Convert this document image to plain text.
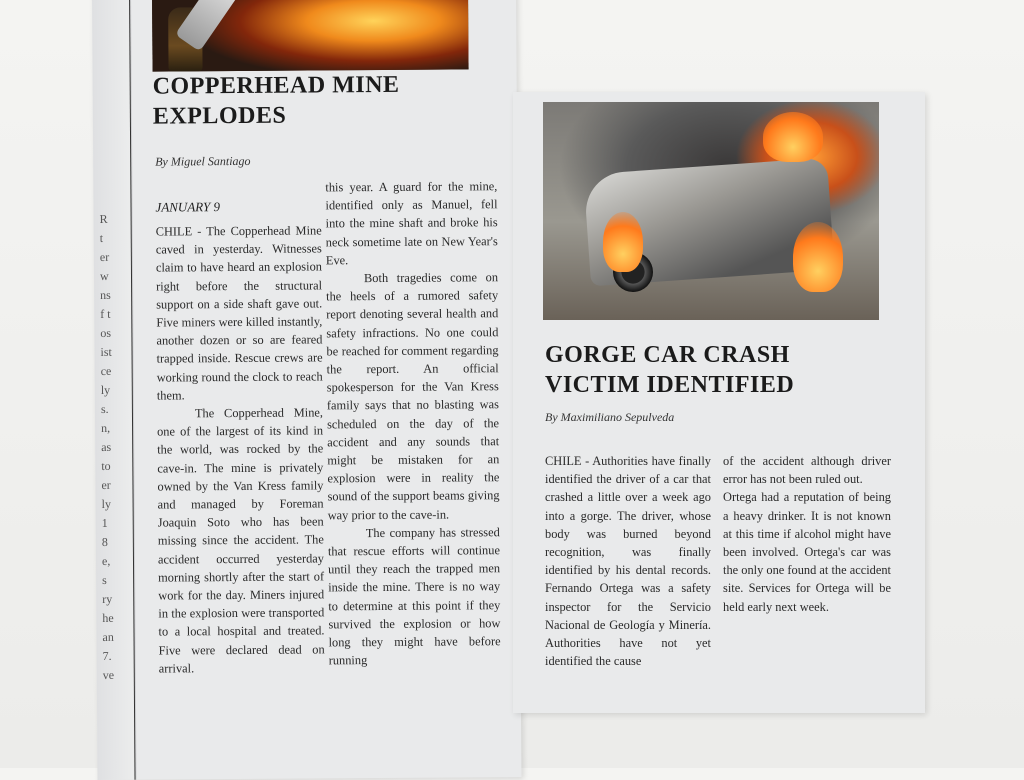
R
t
er
w
ns
f t
os
ist
ce
ly
s.
n,
as
to
er
ly
1
8
e,
s
ry
he
an
7.
ve
COPPERHEAD MINE EXPLODES
By Miguel Santiago
JANUARY 9

CHILE - The Copperhead Mine caved in yesterday. Witnesses claim to have heard an explosion right before the structural support on a side shaft gave out. Five miners were killed instantly, another dozen or so are feared trapped inside. Rescue crews are working round the clock to reach them.

The Copperhead Mine, one of the largest of its kind in the world, was rocked by the cave-in. The mine is privately owned by the Van Kress family and managed by Foreman Joaquin Soto who has been missing since the accident. The accident occurred yesterday morning shortly after the start of work for the day. Miners injured in the explosion were transported to a local hospital and treated. Five were declared dead on arrival.

this year. A guard for the mine, identified only as Manuel, fell into the mine shaft and broke his neck sometime late on New Year's Eve.

Both tragedies come on the heels of a rumored safety report denoting several health and safety infractions. No one could be reached for comment regarding the report. An official spokesperson for the Van Kress family says that no blasting was scheduled on the day of the accident and any sounds that might be mistaken for an explosion were in reality the sound of the support beams giving way prior to the cave-in.

The company has stressed that rescue efforts will continue until they reach the trapped men inside the mine. There is no way to determine at this point if they survived the explosion or how long they might have before running

GORGE CAR CRASH VICTIM IDENTIFIED
By Maximiliano Sepulveda

CHILE - Authorities have finally identified the driver of a car that crashed a little over a week ago into a gorge. The driver, whose body was burned beyond recognition, was finally identified by his dental records. Fernando Ortega was a safety inspector for the Servicio Nacional de Geología y Minería. Authorities have not yet identified the cause

of the accident although driver error has not been ruled out.

Ortega had a reputation of being a heavy drinker. It is not known at this time if alcohol might have been involved. Ortega's car was the only one found at the accident site. Services for Ortega will be held early next week.
